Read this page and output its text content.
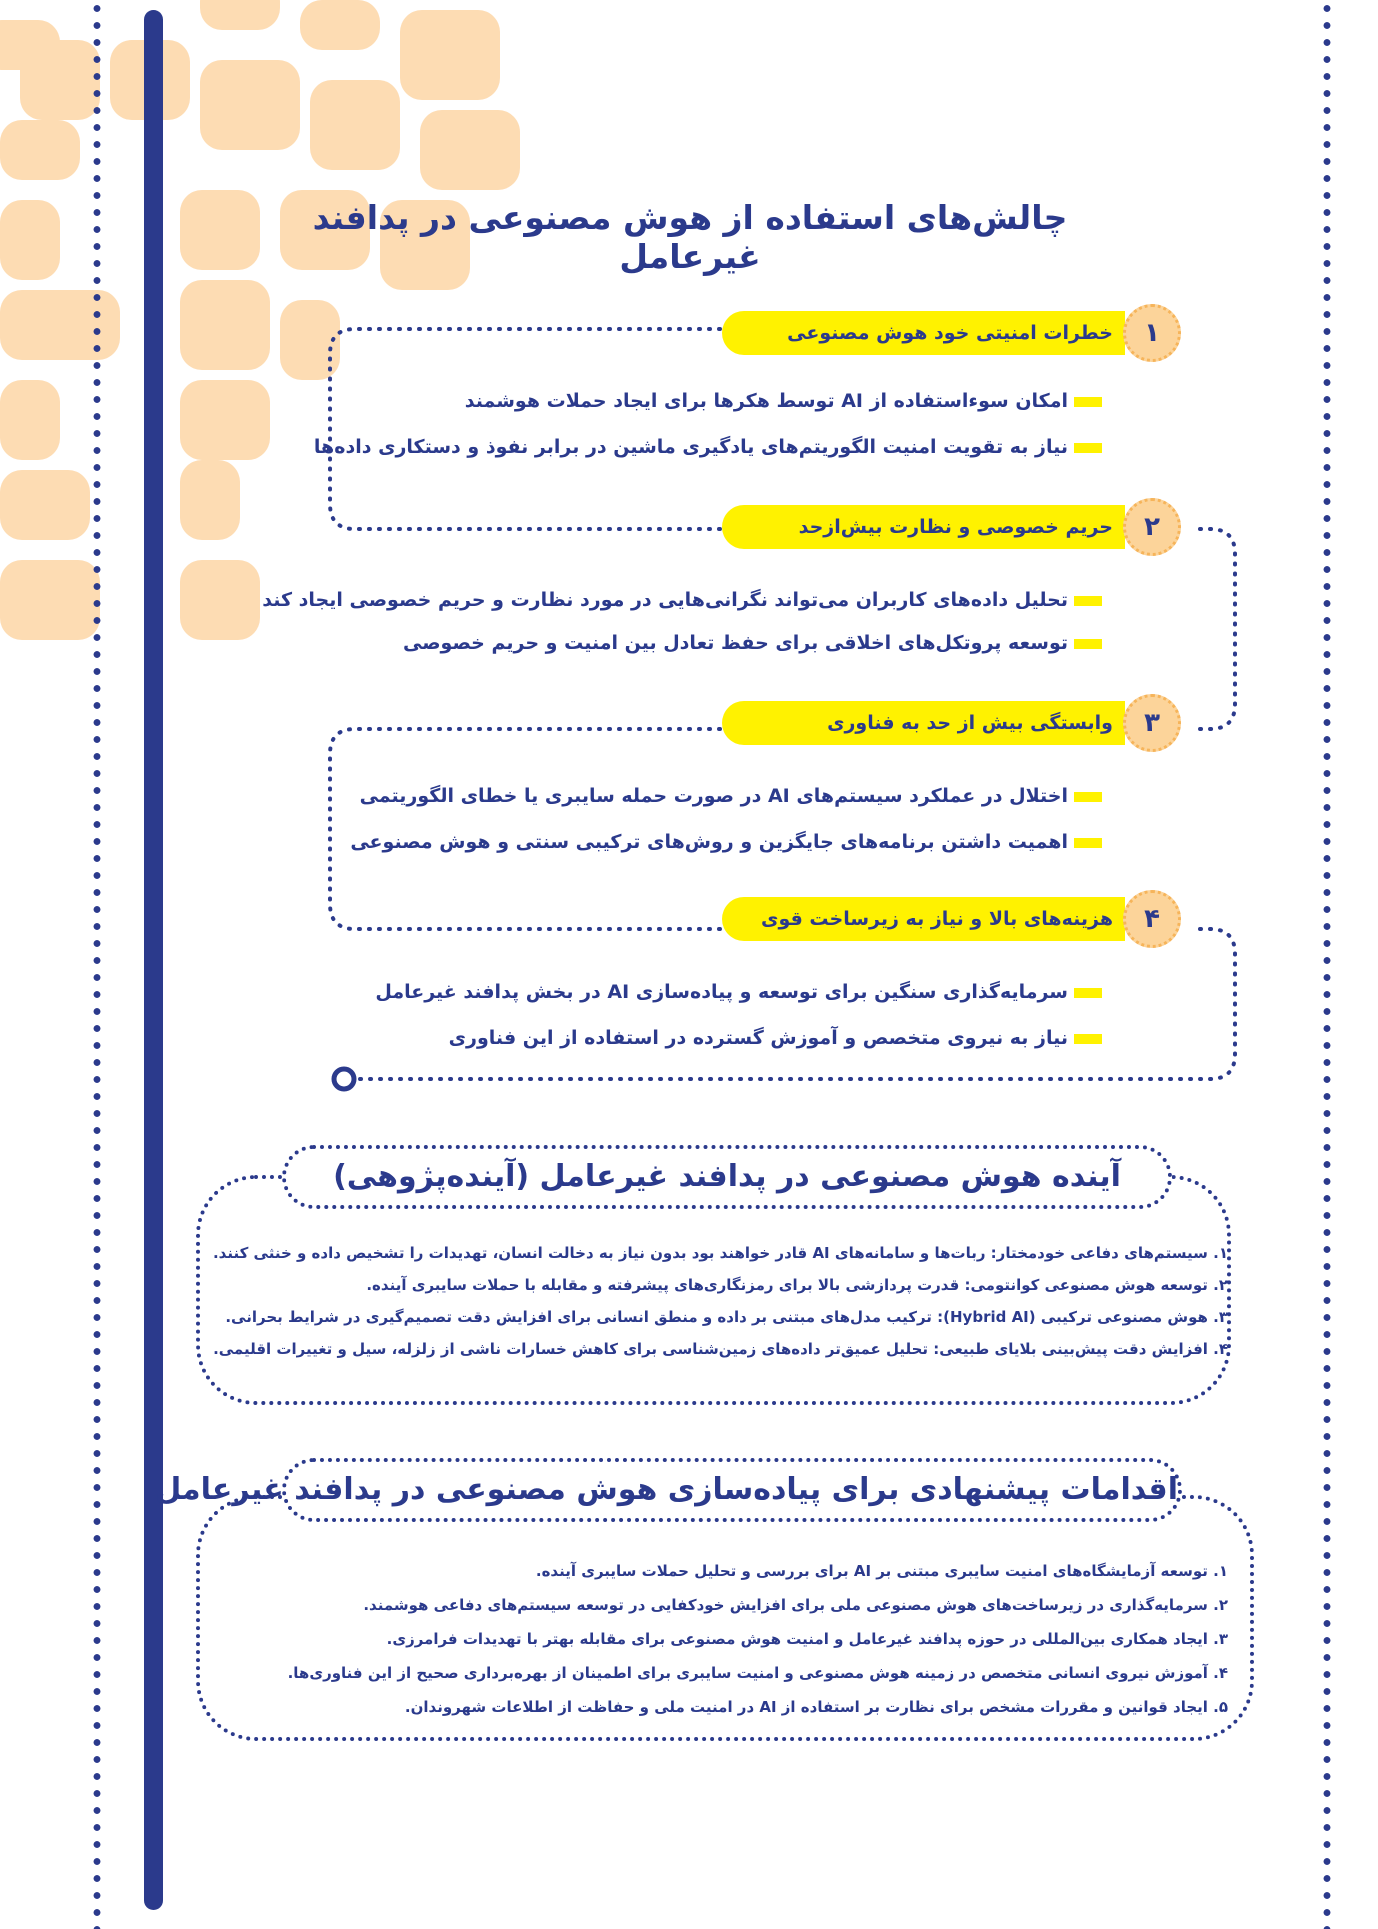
چالش‌های استفاده از هوش مصنوعی در پدافند غیرعامل
خطرات امنیتی خود هوش مصنوعی	۱
امکان سوءاستفاده از AI توسط هکرها برای ایجاد حملات هوشمند
نیاز به تقویت امنیت الگوریتم‌های یادگیری ماشین در برابر نفوذ و دستکاری داده‌ها
حریم خصوصی و نظارت بیش‌ازحد	۲
تحلیل داده‌های کاربران می‌تواند نگرانی‌هایی در مورد نظارت و حریم خصوصی ایجاد کند
توسعه پروتکل‌های اخلاقی برای حفظ تعادل بین امنیت و حریم خصوصی
وابستگی بیش از حد به فناوری	۳
اختلال در عملکرد سیستم‌های AI در صورت حمله سایبری یا خطای الگوریتمی
اهمیت داشتن برنامه‌های جایگزین و روش‌های ترکیبی سنتی و هوش مصنوعی
هزینه‌های بالا و نیاز به زیرساخت قوی	۴
سرمایه‌گذاری سنگین برای توسعه و پیاده‌سازی AI در بخش پدافند غیرعامل
نیاز به نیروی متخصص و آموزش گسترده در استفاده از این فناوری
آینده هوش مصنوعی در پدافند غیرعامل (آینده‌پژوهی)
۱. سیستم‌های دفاعی خودمختار: ربات‌ها و سامانه‌های AI قادر خواهند بود بدون نیاز به دخالت انسان، تهدیدات را تشخیص داده و خنثی کنند.
۲. توسعه هوش مصنوعی کوانتومی: قدرت پردازشی بالا برای رمزنگاری‌های پیشرفته و مقابله با حملات سایبری آینده.
۳. هوش مصنوعی ترکیبی (Hybrid AI): ترکیب مدل‌های مبتنی بر داده و منطق انسانی برای افزایش دقت تصمیم‌گیری در شرایط بحرانی.
۴. افزایش دقت پیش‌بینی بلایای طبیعی: تحلیل عمیق‌تر داده‌های زمین‌شناسی برای کاهش خسارات ناشی از زلزله، سیل و تغییرات اقلیمی.
اقدامات پیشنهادی برای پیاده‌سازی هوش مصنوعی در پدافند غیرعامل
۱. توسعه آزمایشگاه‌های امنیت سایبری مبتنی بر AI برای بررسی و تحلیل حملات سایبری آینده.
۲. سرمایه‌گذاری در زیرساخت‌های هوش مصنوعی ملی برای افزایش خودکفایی در توسعه سیستم‌های دفاعی هوشمند.
۳. ایجاد همکاری بین‌المللی در حوزه پدافند غیرعامل و امنیت هوش مصنوعی برای مقابله بهتر با تهدیدات فرامرزی.
۴. آموزش نیروی انسانی متخصص در زمینه هوش مصنوعی و امنیت سایبری برای اطمینان از بهره‌برداری صحیح از این فناوری‌ها.
۵. ایجاد قوانین و مقررات مشخص برای نظارت بر استفاده از AI در امنیت ملی و حفاظت از اطلاعات شهروندان.
